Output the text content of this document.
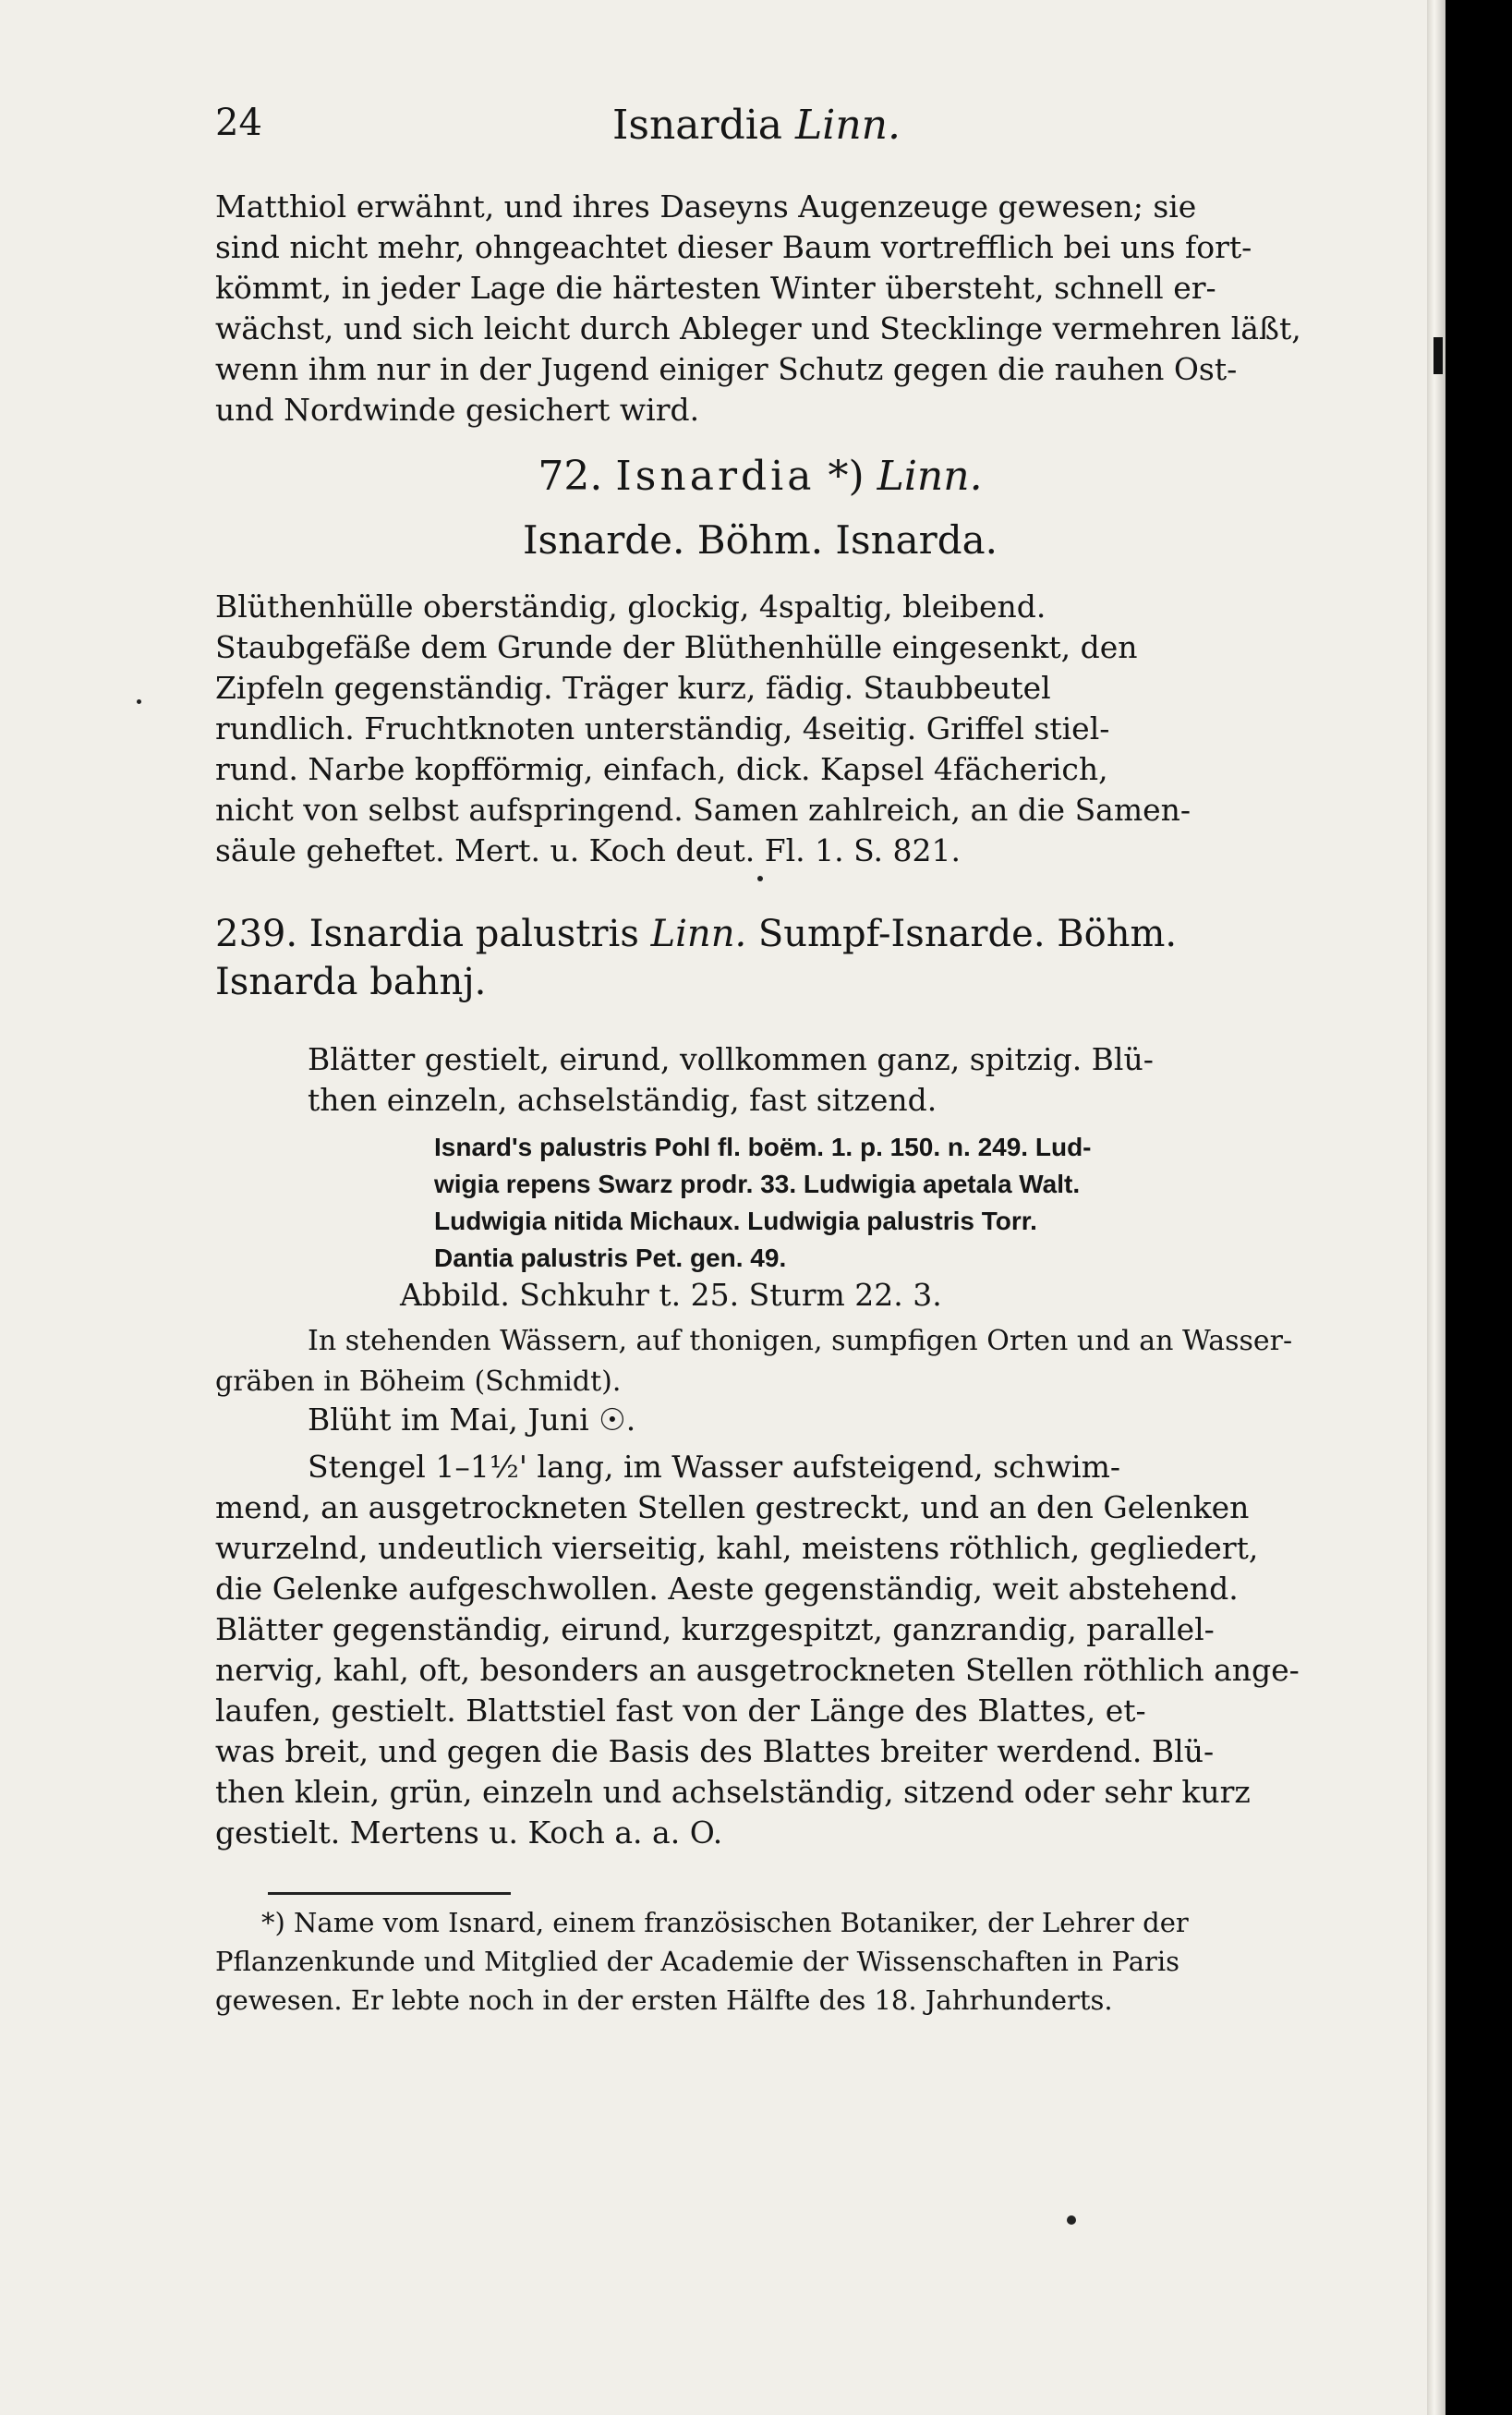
24	Isnardia Linn.
Matthiol erwähnt, und ihres Daseyns Augenzeuge gewesen; sie
sind nicht mehr, ohngeachtet dieser Baum vortrefflich bei uns fort-
kömmt, in jeder Lage die härtesten Winter übersteht, schnell er-
wächst, und sich leicht durch Ableger und Stecklinge vermehren läßt,
wenn ihm nur in der Jugend einiger Schutz gegen die rauhen Ost-
und Nordwinde gesichert wird.
72. Isnardia *) Linn.
Isnarde. Böhm. Isnarda.
Blüthenhülle oberständig, glockig, 4spaltig, bleibend.
Staubgefäße dem Grunde der Blüthenhülle eingesenkt, den
Zipfeln gegenständig. Träger kurz, fädig. Staubbeutel
rundlich. Fruchtknoten unterständig, 4seitig. Griffel stiel-
rund. Narbe kopfförmig, einfach, dick. Kapsel 4fächerich,
nicht von selbst aufspringend. Samen zahlreich, an die Samen-
säule geheftet. Mert. u. Koch deut. Fl. 1. S. 821.
239. Isnardia palustris Linn. Sumpf-Isnarde. Böhm.
Isnarda bahnj.
Blätter gestielt, eirund, vollkommen ganz, spitzig. Blü-
then einzeln, achselständig, fast sitzend.
Isnard's palustris Pohl fl. boëm. 1. p. 150. n. 249. Lud-
wigia repens Swarz prodr. 33. Ludwigia apetala Walt.
Ludwigia nitida Michaux. Ludwigia palustris Torr.
Dantia palustris Pet. gen. 49.
Abbild. Schkuhr t. 25. Sturm 22. 3.
In stehenden Wässern, auf thonigen, sumpfigen Orten und an Wasser-
gräben in Böheim (Schmidt).
Blüht im Mai, Juni ☉.
Stengel 1–1½' lang, im Wasser aufsteigend, schwim-
mend, an ausgetrockneten Stellen gestreckt, und an den Gelenken
wurzelnd, undeutlich vierseitig, kahl, meistens röthlich, gegliedert,
die Gelenke aufgeschwollen. Aeste gegenständig, weit abstehend.
Blätter gegenständig, eirund, kurzgespitzt, ganzrandig, parallel-
nervig, kahl, oft, besonders an ausgetrockneten Stellen röthlich ange-
laufen, gestielt. Blattstiel fast von der Länge des Blattes, et-
was breit, und gegen die Basis des Blattes breiter werdend. Blü-
then klein, grün, einzeln und achselständig, sitzend oder sehr kurz
gestielt. Mertens u. Koch a. a. O.
*) Name vom Isnard, einem französischen Botaniker, der Lehrer der
Pflanzenkunde und Mitglied der Academie der Wissenschaften in Paris
gewesen. Er lebte noch in der ersten Hälfte des 18. Jahrhunderts.
